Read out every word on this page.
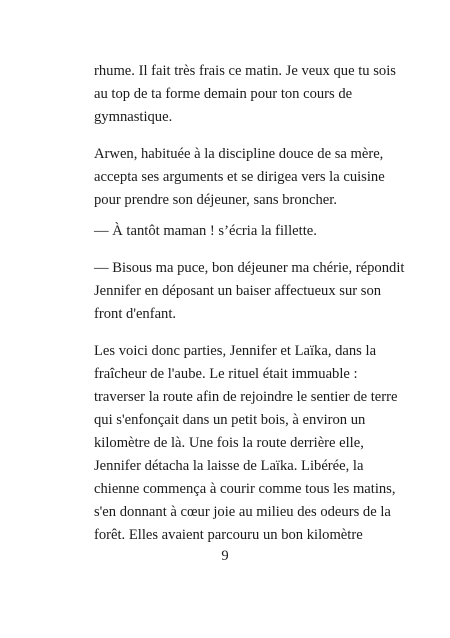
rhume. Il fait très frais ce matin. Je veux que tu sois
au top de ta forme demain pour ton cours de
gymnastique.
Arwen, habituée à la discipline douce de sa mère,
accepta ses arguments et se dirigea vers la cuisine
pour prendre son déjeuner, sans broncher.
— À tantôt maman ! s’écria la fillette.
— Bisous ma puce, bon déjeuner ma chérie, répondit
Jennifer en déposant un baiser affectueux sur son
front d'enfant.
Les voici donc parties, Jennifer et Laïka, dans la
fraîcheur de l'aube. Le rituel était immuable :
traverser la route afin de rejoindre le sentier de terre
qui s'enfonçait dans un petit bois, à environ un
kilomètre de là. Une fois la route derrière elle,
Jennifer détacha la laisse de Laïka. Libérée, la
chienne commença à courir comme tous les matins,
s'en donnant à cœur joie au milieu des odeurs de la
forêt. Elles avaient parcouru un bon kilomètre
9
